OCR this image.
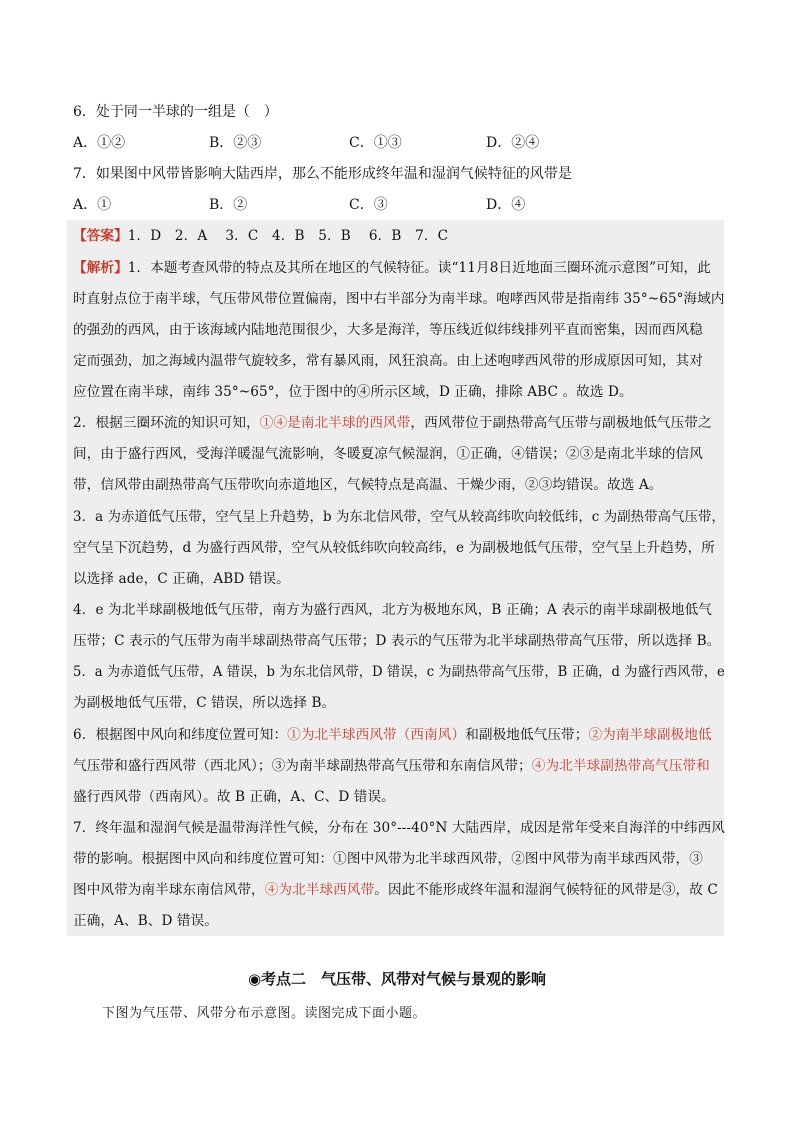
6．处于同一半球的一组是（　）
A．①②	B．②③	C．①③	D．②④
7．如果图中风带皆影响大陆西岸，那么不能形成终年温和湿润气候特征的风带是
A．①	B．②	C．③	D．④
【答案】1．D　2．A　 3．C　4．B　5．B　 6．B　7．C
【解析】1．本题考查风带的特点及其所在地区的气候特征。读“11月8日近地面三圈环流示意图”可知，此
时直射点位于南半球，气压带风带位置偏南，图中右半部分为南半球。咆哮西风带是指南纬 35°~65°海域内
的强劲的西风，由于该海域内陆地范围很少，大多是海洋，等压线近似纬线排列平直而密集，因而西风稳
定而强劲，加之海域内温带气旋较多，常有暴风雨，风狂浪高。由上述咆哮西风带的形成原因可知，其对
应位置在南半球，南纬 35°~65°，位于图中的④所示区域，D 正确，排除 ABC 。故选 D。
2．根据三圈环流的知识可知，①④是南北半球的西风带，西风带位于副热带高气压带与副极地低气压带之
间，由于盛行西风，受海洋暖湿气流影响，冬暖夏凉气候湿润，①正确，④错误；②③是南北半球的信风
带，信风带由副热带高气压带吹向赤道地区，气候特点是高温、干燥少雨，②③均错误。故选 A。
3．a 为赤道低气压带，空气呈上升趋势，b 为东北信风带，空气从较高纬吹向较低纬，c 为副热带高气压带，
空气呈下沉趋势，d 为盛行西风带，空气从较低纬吹向较高纬，e 为副极地低气压带，空气呈上升趋势，所
以选择 ade，C 正确，ABD 错误。
4．e 为北半球副极地低气压带，南方为盛行西风，北方为极地东风，B 正确；A 表示的南半球副极地低气
压带；C 表示的气压带为南半球副热带高气压带；D 表示的气压带为北半球副热带高气压带，所以选择 B。
5．a 为赤道低气压带，A 错误，b 为东北信风带，D 错误，c 为副热带高气压带，B 正确，d 为盛行西风带，e
为副极地低气压带，C 错误，所以选择 B。
6．根据图中风向和纬度位置可知：①为北半球西风带（西南风）和副极地低气压带；②为南半球副极地低
气压带和盛行西风带（西北风）；③为南半球副热带高气压带和东南信风带；④为北半球副热带高气压带和
盛行西风带（西南风）。故 B 正确，A、C、D 错误。
7．终年温和湿润气候是温带海洋性气候，分布在 30°---40°N 大陆西岸，成因是常年受来自海洋的中纬西风
带的影响。根据图中风向和纬度位置可知：①图中风带为北半球西风带，②图中风带为南半球西风带，③
图中风带为南半球东南信风带，④为北半球西风带。因此不能形成终年温和湿润气候特征的风带是③，故 C
正确，A、B、D 错误。
◉考点二　气压带、风带对气候与景观的影响
下图为气压带、风带分布示意图。读图完成下面小题。
